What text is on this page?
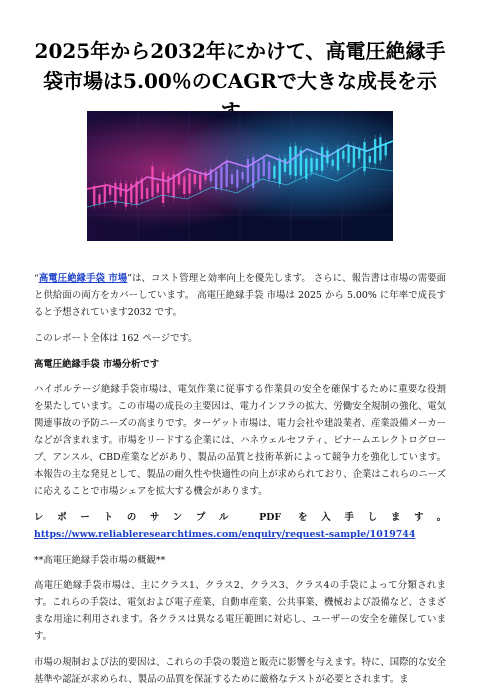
2025年から2032年にかけて、高電圧絶縁手袋市場は5.00％のCAGRで大きな成長を示

“高電圧絶縁手袋 市場”は、コスト管理と効率向上を優先します。 さらに、報告書は市場の需要面と供給面の両方をカバーしています。 高電圧絶縁手袋 市場は 2025 から 5.00% に年率で成長すると予想されています2032 です。

このレポート全体は 162 ページです。

高電圧絶縁手袋 市場分析です

ハイボルテージ絶縁手袋市場は、電気作業に従事する作業員の安全を確保するために重要な役割を果たしています。この市場の成長の主要因は、電力インフラの拡大、労働安全規制の強化、電気関連事故の予防ニーズの高まりです。ターゲット市場は、電力会社や建設業者、産業設備メーカーなどが含まれます。市場をリードする企業には、ハネウェルセフティ、ビナームエレクトログローブ、アンスル、CBD産業などがあり、製品の品質と技術革新によって競争力を強化しています。本報告の主な発見として、製品の耐久性や快適性の向上が求められており、企業はこれらのニーズに応えることで市場シェアを拡大する機会があります。

レポートのサンプル PDF を入手します。 https://www.reliableresearchtimes.com/enquiry/request-sample/1019744

**高電圧絶縁手袋市場の概観**

高電圧絶縁手袋市場は、主にクラス1、クラス2、クラス3、クラス4の手袋によって分類されます。これらの手袋は、電気および電子産業、自動車産業、公共事業、機械および設備など、さまざまな用途に利用されます。各クラスは異なる電圧範囲に対応し、ユーザーの安全を確保しています。

市場の規制および法的要因は、これらの手袋の製造と販売に影響を与えます。特に、国際的な安全基準や認証が求められ、製品の品質を保証するために厳格なテストが必要とされます。ま
